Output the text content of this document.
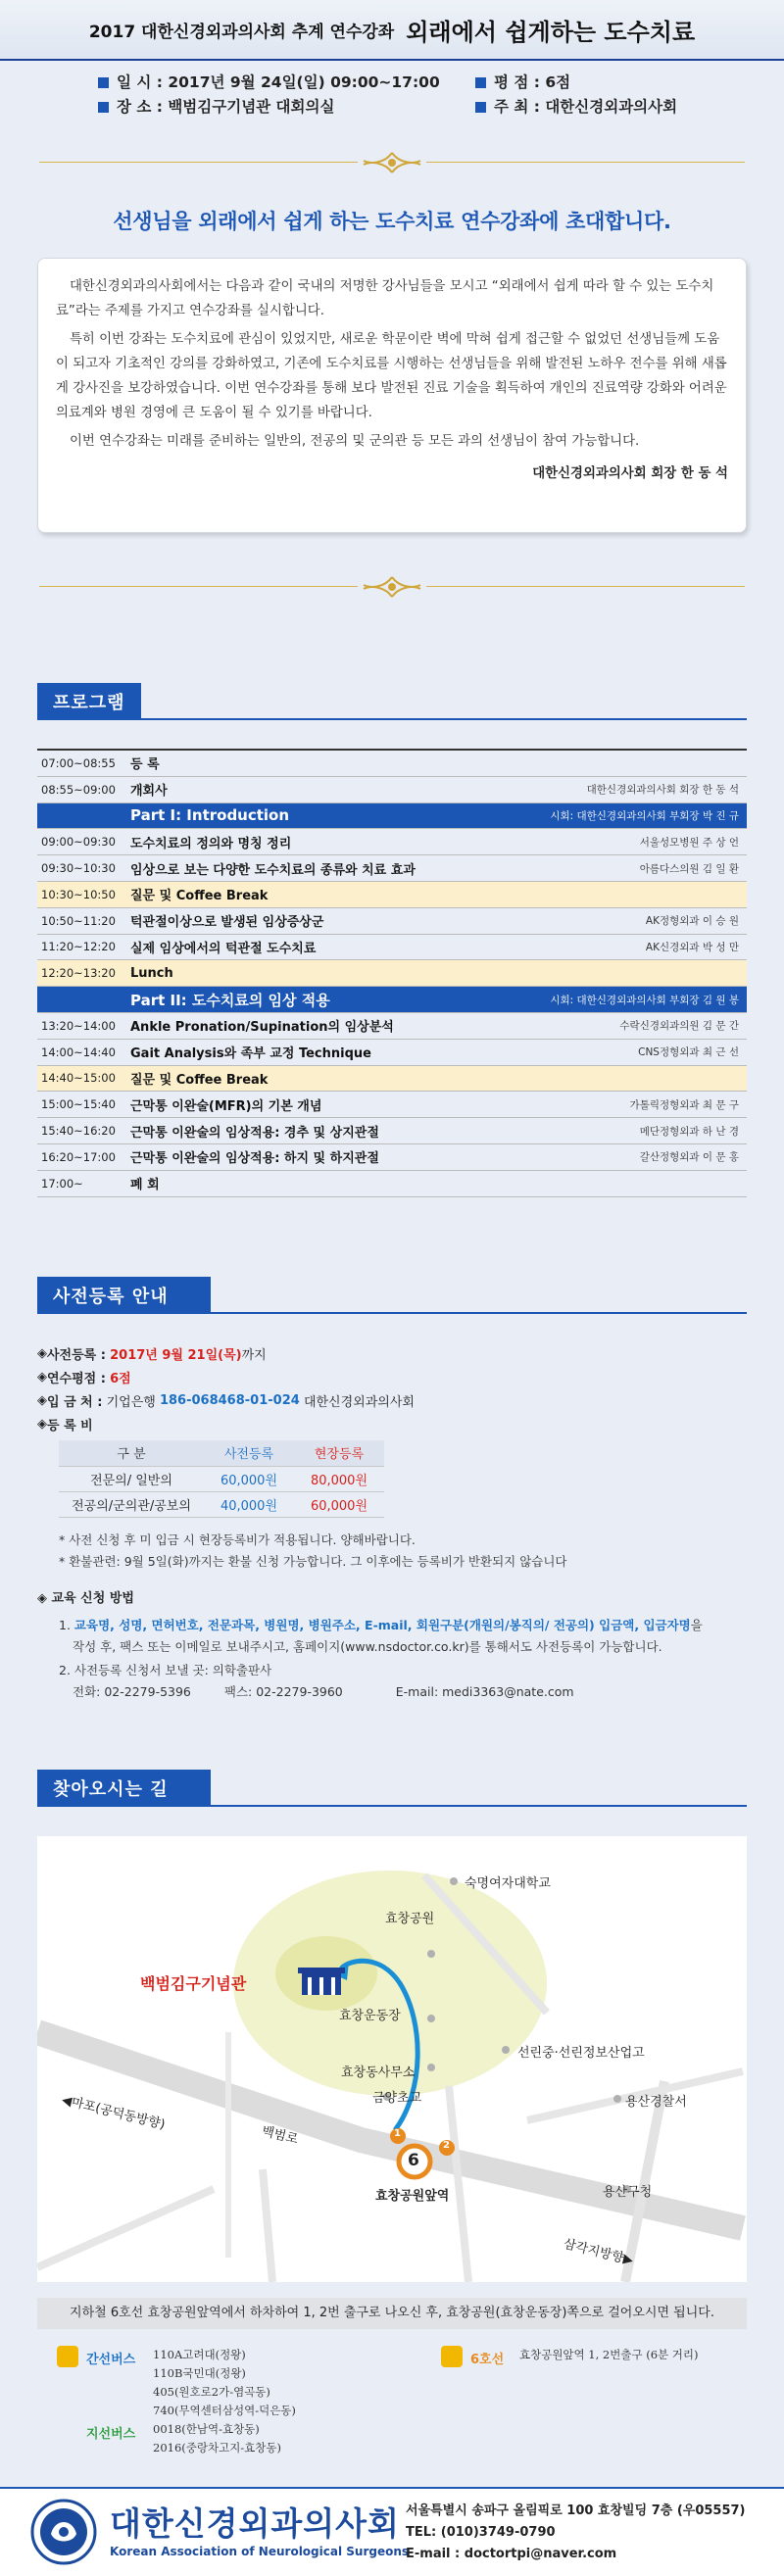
2017 대한신경외과의사회 추계 연수강좌 외래에서 쉽게하는 도수치료
일 시 : 2017년 9월 24일(일) 09:00~17:00	평 점 : 6점
장 소 : 백범김구기념관 대회의실	주 최 : 대한신경외과의사회
선생님을 외래에서 쉽게 하는 도수치료 연수강좌에 초대합니다.

대한신경외과의사회에서는 다음과 같이 국내의 저명한 강사님들을 모시고 “외래에서 쉽게 따라 할 수 있는 도수치료”라는 주제를 가지고 연수강좌를 실시합니다.

특히 이번 강좌는 도수치료에 관심이 있었지만, 새로운 학문이란 벽에 막혀 쉽게 접근할 수 없었던 선생님들께 도움이 되고자 기초적인 강의를 강화하였고, 기존에 도수치료를 시행하는 선생님들을 위해 발전된 노하우 전수를 위해 새롭게 강사진을 보강하였습니다. 이번 연수강좌를 통해 보다 발전된 진료 기술을 획득하여 개인의 진료역량 강화와 어려운 의료계와 병원 경영에 큰 도움이 될 수 있기를 바랍니다.

이번 연수강좌는 미래를 준비하는 일반의, 전공의 및 군의관 등 모든 과의 선생님이 참여 가능합니다.

대한신경외과의사회 회장 한 동 석
프로그램
07:00~08:55	등 록
08:55~09:00	개회사	대한신경외과의사회 회장 한 동 석
Part I: Introduction	시회: 대한신경외과의사회 부회장 박 진 규
09:00~09:30	도수치료의 정의와 명칭 정리	서울성모병원 주 상 언
09:30~10:30	임상으로 보는 다양한 도수치료의 종류와 치료 효과	아름다스의원 김 일 환
10:30~10:50	질문 및 Coffee Break
10:50~11:20	턱관절이상으로 발생된 임상증상군	AK정형외과 이 승 원
11:20~12:20	실제 임상에서의 턱관절 도수치료	AK신경외과 박 성 만
12:20~13:20	Lunch
Part II: 도수치료의 임상 적용	시회: 대한신경외과의사회 부회장 김 원 봉
13:20~14:00	Ankle Pronation/Supination의 임상분석	수락신경외과의원 김 문 간
14:00~14:40	Gait Analysis와 족부 교정 Technique	CNS정형외과 최 근 선
14:40~15:00	질문 및 Coffee Break
15:00~15:40	근막통 이완술(MFR)의 기본 개념	가톨릭정형외과 최 문 구
15:40~16:20	근막통 이완술의 임상적용: 경추 및 상지관절	메단정형외과 하 난 경
16:20~17:00	근막통 이완술의 임상적용: 하지 및 하지관절	갈산정형외과 이 문 홍
17:00~	폐 회
사전등록 안내
◈ 사전등록 :
2017년 9월 21일(목) 까지
◈ 연수평점 :
6점
◈ 입 금 처 :
기업은행
186-068468-01-024
대한신경외과의사회
◈ 등 록 비
구 분	사전등록	현장등록
전문의/ 일반의	60,000원	80,000원
전공의/군의관/공보의	40,000원	60,000원
* 사전 신청 후 미 입금 시 현장등록비가 적용됩니다. 양해바랍니다.
* 환불관련: 9월 5일(화)까지는 환불 신청 가능합니다. 그 이후에는 등록비가 반환되지 않습니다
◈ 교육 신청 방법
1. 교육명, 성명, 면허번호, 전문과목, 병원명, 병원주소, E-mail, 회원구분(개원의/봉직의/ 전공의) 입금액, 입금자명을
작성 후, 팩스 또는 이메일로 보내주시고, 홈페이지(www.nsdoctor.co.kr)를 통해서도 사전등록이 가능합니다.
2. 사전등록 신청서 보낼 곳: 의학출판사
전화: 02-2279-5396	팩스: 02-2279-3960	E-mail: medi3363@nate.com
찾아오시는 길
숙명여자대학교
효창공원
백범김구기념관
효창운동장
선린중·선린정보산업고
효창동사무소
금양초교	용산경찰서
◀마포(공덕동방향)
백범로
용산구청
효창공원앞역
6
1
2
삼각지방향▶
지하철 6호선 효창공원앞역에서 하차하여 1, 2번 출구로 나오신 후, 효창공원(효창운동장)쪽으로 걸어오시면 됩니다.
간선버스 110A고려대(정왕)
110B국민대(정왕)
405(원호로2가-염곡동)
740(무역센터삼성역-덕은동)
지선버스 0018(한남역-효창동)
2016(중랑차고지-효창동)
6호선 효창공원앞역 1, 2번출구 (6분 거리)
대한신경외과의사회
Korean Association of Neurological Surgeons
서울특별시 송파구 올림픽로 100 효창빌딩 7층 (우05557)
TEL: (010)3749-0790
E-mail : doctortpi@naver.com
